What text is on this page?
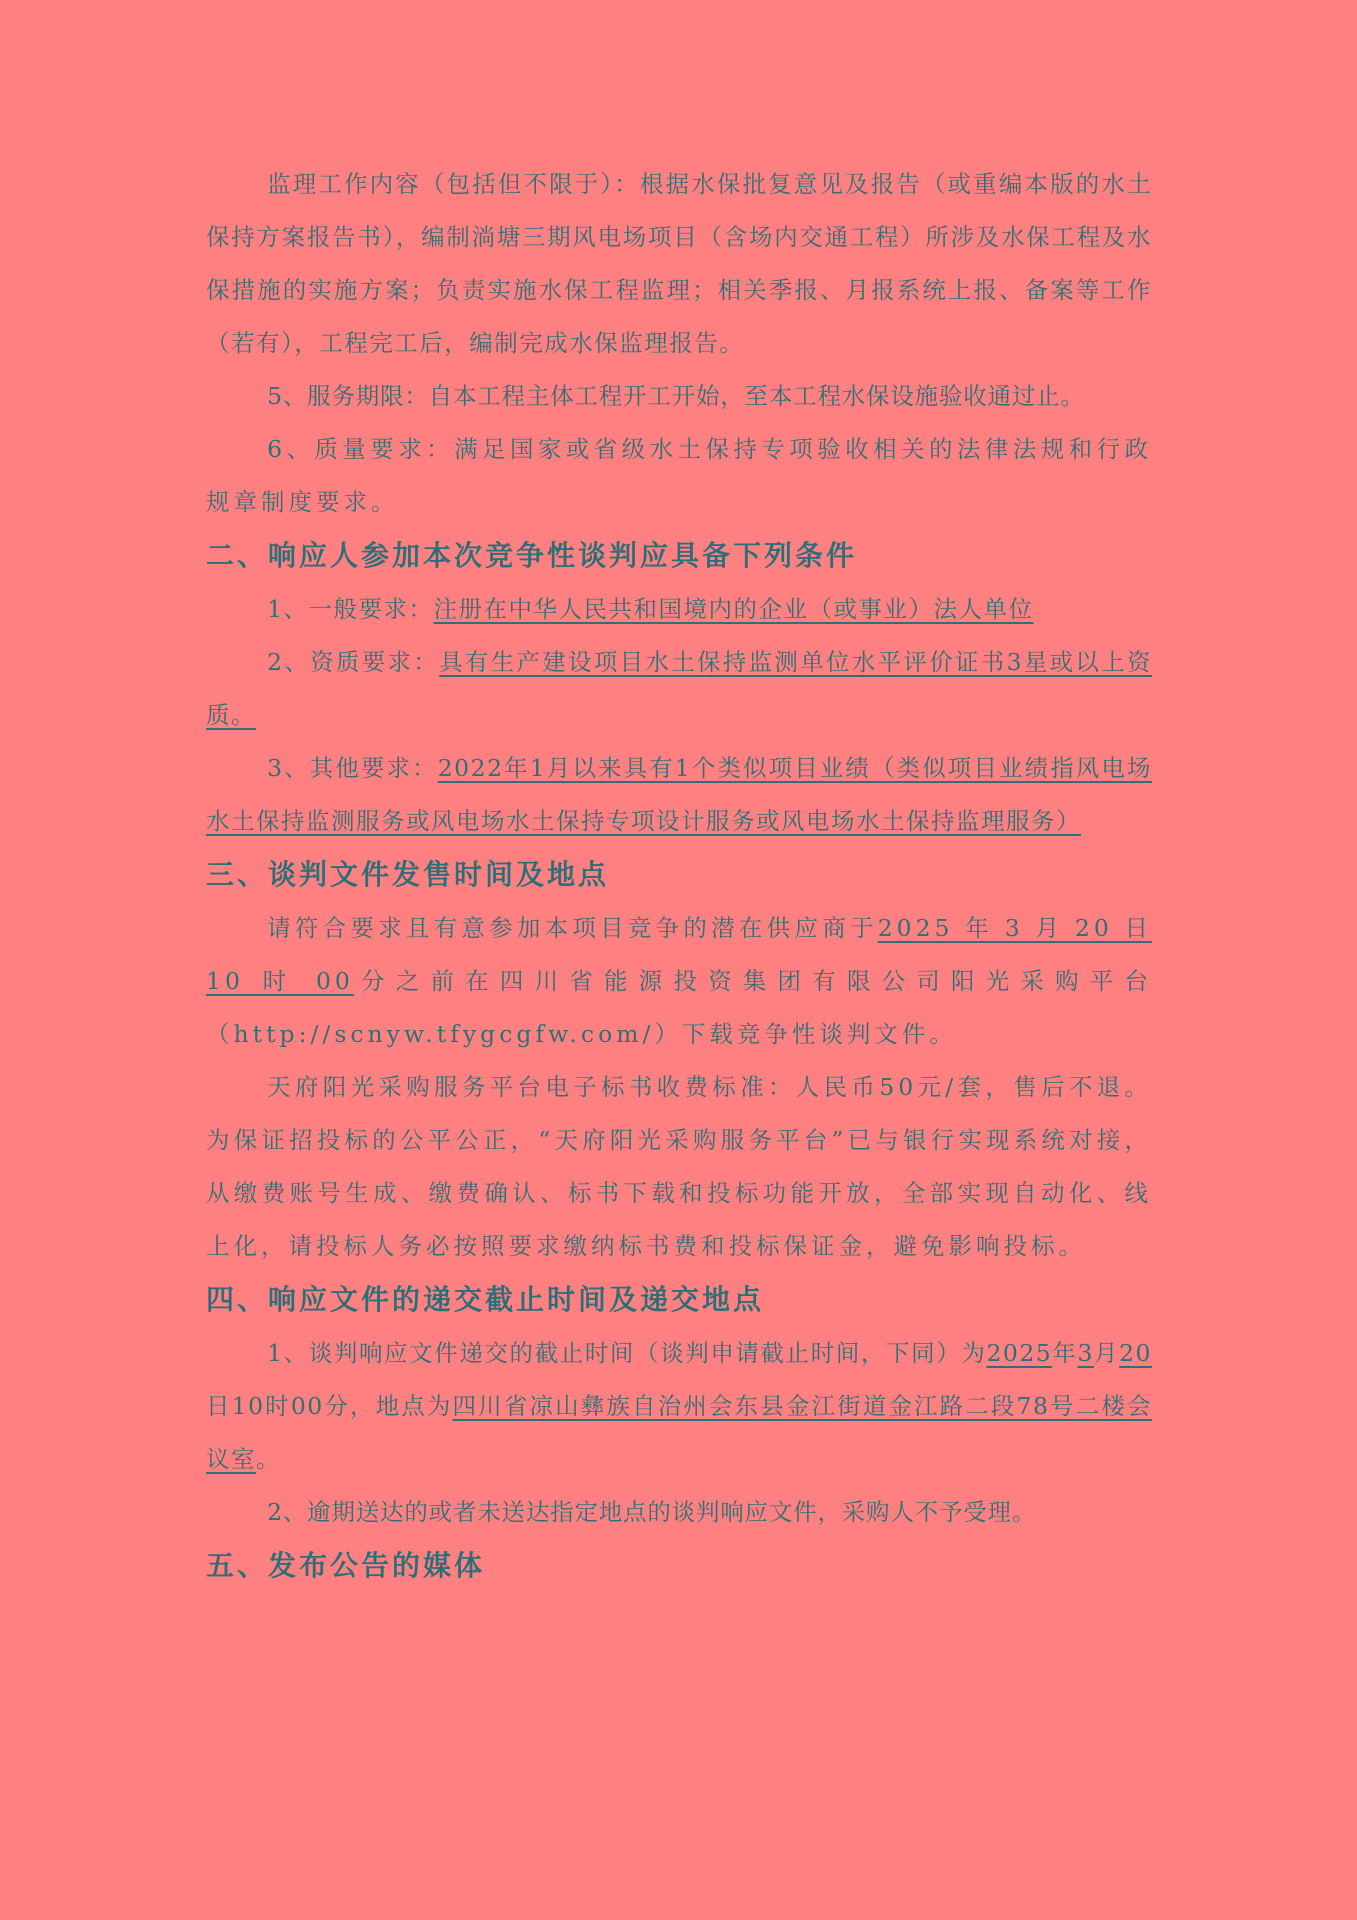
监理工作内容（包括但不限于）：根据水保批复意见及报告（或重编本版的水土保持方案报告书），编制淌塘三期风电场项目（含场内交通工程）所涉及水保工程及水保措施的实施方案；负责实施水保工程监理；相关季报、月报系统上报、备案等工作（若有），工程完工后，编制完成水保监理报告。

5、服务期限：自本工程主体工程开工开始，至本工程水保设施验收通过止。

6、质量要求：满足国家或省级水土保持专项验收相关的法律法规和行政规章制度要求。

二、响应人参加本次竞争性谈判应具备下列条件

1、一般要求：注册在中华人民共和国境内的企业（或事业）法人单位

2、资质要求：具有生产建设项目水土保持监测单位水平评价证书3星或以上资质。

3、其他要求：2022年1月以来具有1个类似项目业绩（类似项目业绩指风电场水土保持监测服务或风电场水土保持专项设计服务或风电场水土保持监理服务）

三、谈判文件发售时间及地点

请符合要求且有意参加本项目竞争的潜在供应商于2025 年 3 月 20 日 10 时 00分之前在四川省能源投资集团有限公司阳光采购平台（http://scnyw.tfygcgfw.com/）下载竞争性谈判文件。

天府阳光采购服务平台电子标书收费标准：人民币50元/套，售后不退。为保证招投标的公平公正，“天府阳光采购服务平台”已与银行实现系统对接，从缴费账号生成、缴费确认、标书下载和投标功能开放，全部实现自动化、线上化，请投标人务必按照要求缴纳标书费和投标保证金，避免影响投标。

四、响应文件的递交截止时间及递交地点

1、谈判响应文件递交的截止时间（谈判申请截止时间，下同）为2025年3月20日10时00分，地点为四川省凉山彝族自治州会东县金江街道金江路二段78号二楼会议室。

2、逾期送达的或者未送达指定地点的谈判响应文件，采购人不予受理。

五、发布公告的媒体
